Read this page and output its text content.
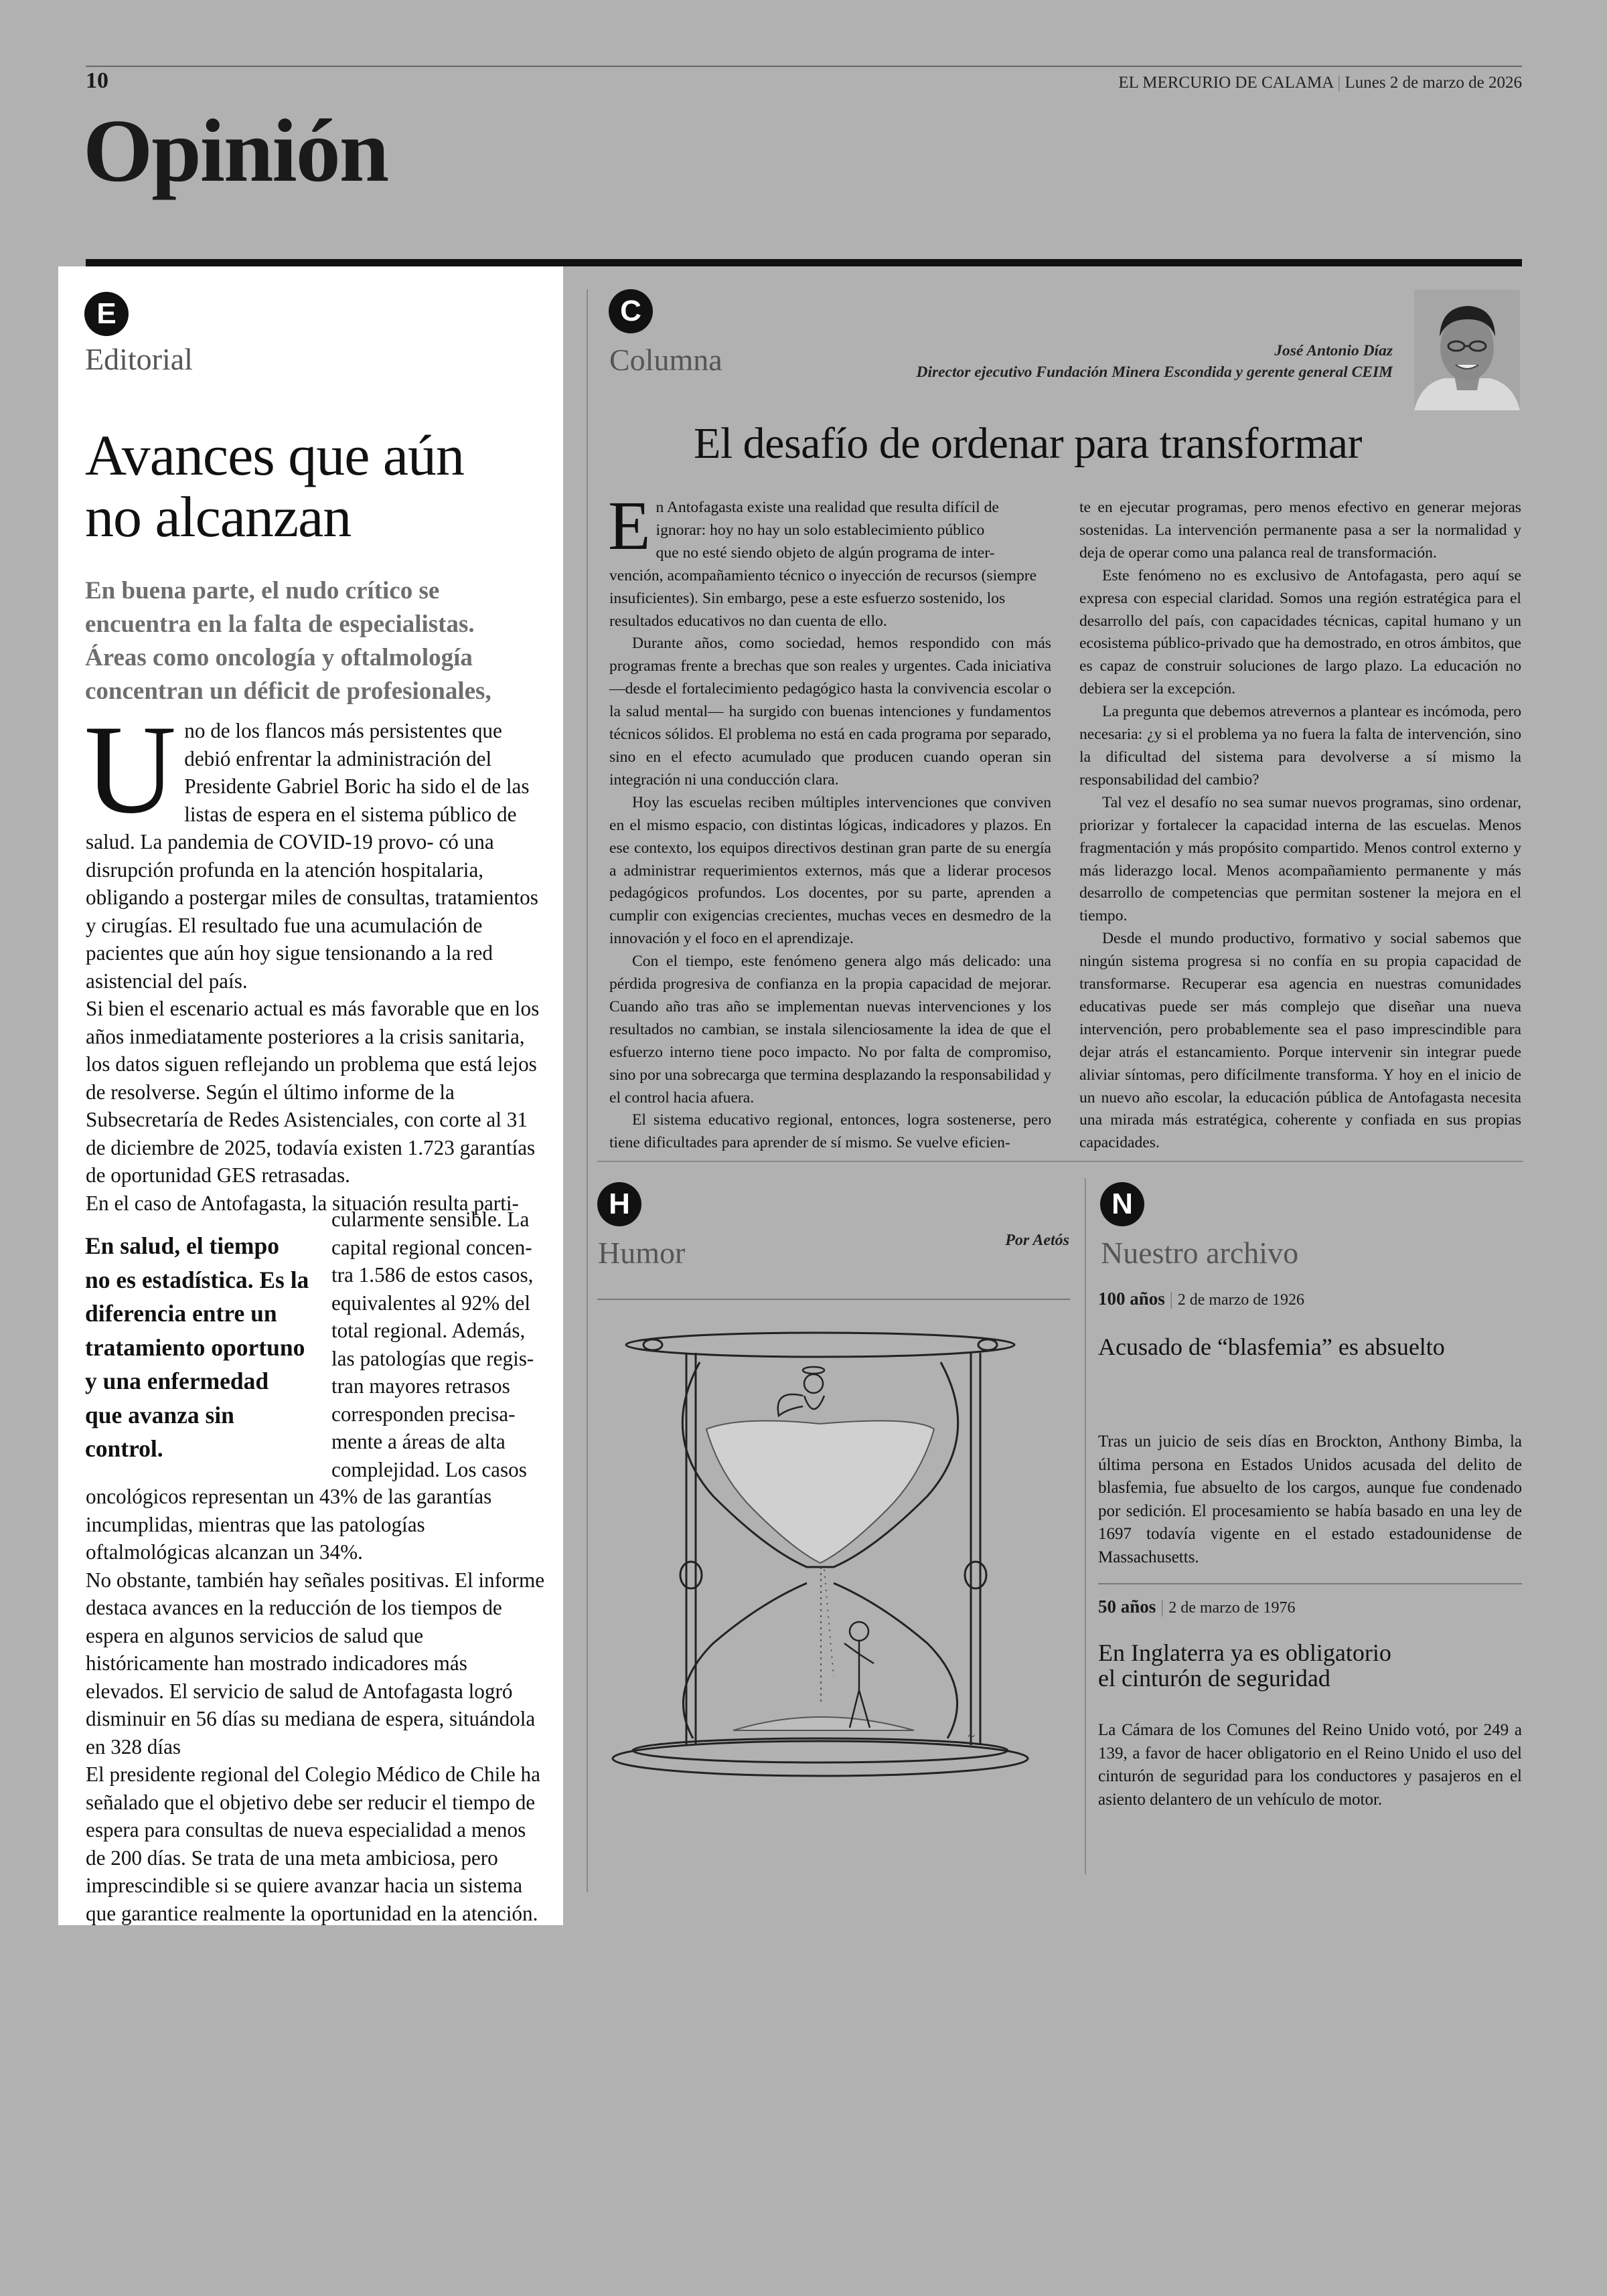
10	EL MERCURIO DE CALAMA | Lunes 2 de marzo de 2026
Opinión
E
Editorial
Avances que aún
no alcanzan
En buena parte, el nudo crítico se encuentra en la falta de especialistas. Áreas como oncología y oftalmología concentran un déficit de profesionales,
U no de los flancos más persistentes que
debió enfrentar la administración del
Presidente Gabriel Boric ha sido el de las
listas de espera en el sistema público de
salud. La pandemia de COVID-19 provo- có una disrupción profunda en la atención hospitalaria, obligando a postergar miles de consultas, tratamientos y cirugías. El resultado fue una acumulación de pacientes que aún hoy sigue tensionando a la red asistencial del país.

Si bien el escenario actual es más favorable que en los años inmediatamente posteriores a la crisis sanitaria, los datos siguen reflejando un problema que está lejos de resolverse. Según el último informe de la Subsecretaría de Redes Asistenciales, con corte al 31 de diciembre de 2025, todavía existen 1.723 garantías de oportunidad GES retrasadas.

En el caso de Antofagasta, la situación resulta parti-

cularmente sensible. La
capital regional concen-
tra 1.586 de estos casos,
equivalentes al 92% del
total regional. Además,
las patologías que regis-
tran mayores retrasos
corresponden precisa-
mente a áreas de alta
complejidad. Los casos
En salud, el tiempo no es estadística. Es la diferencia entre un tratamiento oportuno y una enfermedad que avanza sin control.

oncológicos representan un 43% de las garantías incumplidas, mientras que las patologías oftalmológicas alcanzan un 34%.

No obstante, también hay señales positivas. El informe destaca avances en la reducción de los tiempos de espera en algunos servicios de salud que históricamente han mostrado indicadores más elevados. El servicio de salud de Antofagasta logró disminuir en 56 días su mediana de espera, situándola en 328 días

El presidente regional del Colegio Médico de Chile ha señalado que el objetivo debe ser reducir el tiempo de espera para consultas de nueva especialidad a menos de 200 días. Se trata de una meta ambiciosa, pero imprescindible si se quiere avanzar hacia un sistema que garantice realmente la oportunidad en la atención.

C
Columna	José Antonio Díaz
Director ejecutivo Fundación Minera Escondida y gerente general CEIM
El desafío de ordenar para transformar

E n Antofagasta existe una realidad que resulta difícil de
ignorar: hoy no hay un solo establecimiento público
que no esté siendo objeto de algún programa de inter- vención, acompañamiento técnico o inyección de recursos (siempre insuficientes). Sin embargo, pese a este esfuerzo sostenido, los resultados educativos no dan cuenta de ello.

Durante años, como sociedad, hemos respondido con más programas frente a brechas que son reales y urgentes. Cada iniciativa —desde el fortalecimiento pedagógico hasta la convivencia escolar o la salud mental— ha surgido con buenas intenciones y fundamentos técnicos sólidos. El problema no está en cada programa por separado, sino en el efecto acumulado que producen cuando operan sin integración ni una conducción clara.

Hoy las escuelas reciben múltiples intervenciones que conviven en el mismo espacio, con distintas lógicas, indicadores y plazos. En ese contexto, los equipos directivos destinan gran parte de su energía a administrar requerimientos externos, más que a liderar procesos pedagógicos profundos. Los docentes, por su parte, aprenden a cumplir con exigencias crecientes, muchas veces en desmedro de la innovación y el foco en el aprendizaje.

Con el tiempo, este fenómeno genera algo más delicado: una pérdida progresiva de confianza en la propia capacidad de mejorar. Cuando año tras año se implementan nuevas intervenciones y los resultados no cambian, se instala silenciosamente la idea de que el esfuerzo interno tiene poco impacto. No por falta de compromiso, sino por una sobrecarga que termina desplazando la responsabilidad y el control hacia afuera.

El sistema educativo regional, entonces, logra sostenerse, pero tiene dificultades para aprender de sí mismo. Se vuelve eficien-

te en ejecutar programas, pero menos efectivo en generar mejoras sostenidas. La intervención permanente pasa a ser la normalidad y deja de operar como una palanca real de transformación.

Este fenómeno no es exclusivo de Antofagasta, pero aquí se expresa con especial claridad. Somos una región estratégica para el desarrollo del país, con capacidades técnicas, capital humano y un ecosistema público-privado que ha demostrado, en otros ámbitos, que es capaz de construir soluciones de largo plazo. La educación no debiera ser la excepción.

La pregunta que debemos atrevernos a plantear es incómoda, pero necesaria: ¿y si el problema ya no fuera la falta de intervención, sino la dificultad del sistema para devolverse a sí mismo la responsabilidad del cambio?

Tal vez el desafío no sea sumar nuevos programas, sino ordenar, priorizar y fortalecer la capacidad interna de las escuelas. Menos fragmentación y más propósito compartido. Menos control externo y más liderazgo local. Menos acompañamiento permanente y más desarrollo de competencias que permitan sostener la mejora en el tiempo.

Desde el mundo productivo, formativo y social sabemos que ningún sistema progresa si no confía en su propia capacidad de transformarse. Recuperar esa agencia en nuestras comunidades educativas puede ser más complejo que diseñar una nueva intervención, pero probablemente sea el paso imprescindible para dejar atrás el estancamiento. Porque intervenir sin integrar puede aliviar síntomas, pero difícilmente transforma. Y hoy en el inicio de un nuevo año escolar, la educación pública de Antofagasta necesita una mirada más estratégica, coherente y confiada en sus propias capacidades.

H
Humor	Por Aetós
~
N
Nuestro archivo
100 años | 2 de marzo de 1926
Acusado de “blasfemia” es absuelto
Tras un juicio de seis días en Brockton, Anthony Bimba, la última persona en Estados Unidos acusada del delito de blasfemia, fue absuelto de los cargos, aunque fue condenado por sedición. El procesamiento se había basado en una ley de 1697 todavía vigente en el estado estadounidense de Massachusetts.
50 años | 2 de marzo de 1976
En Inglaterra ya es obligatorio
el cinturón de seguridad
La Cámara de los Comunes del Reino Unido votó, por 249 a 139, a favor de hacer obligatorio en el Reino Unido el uso del cinturón de seguridad para los conductores y pasajeros en el asiento delantero de un vehículo de motor.
